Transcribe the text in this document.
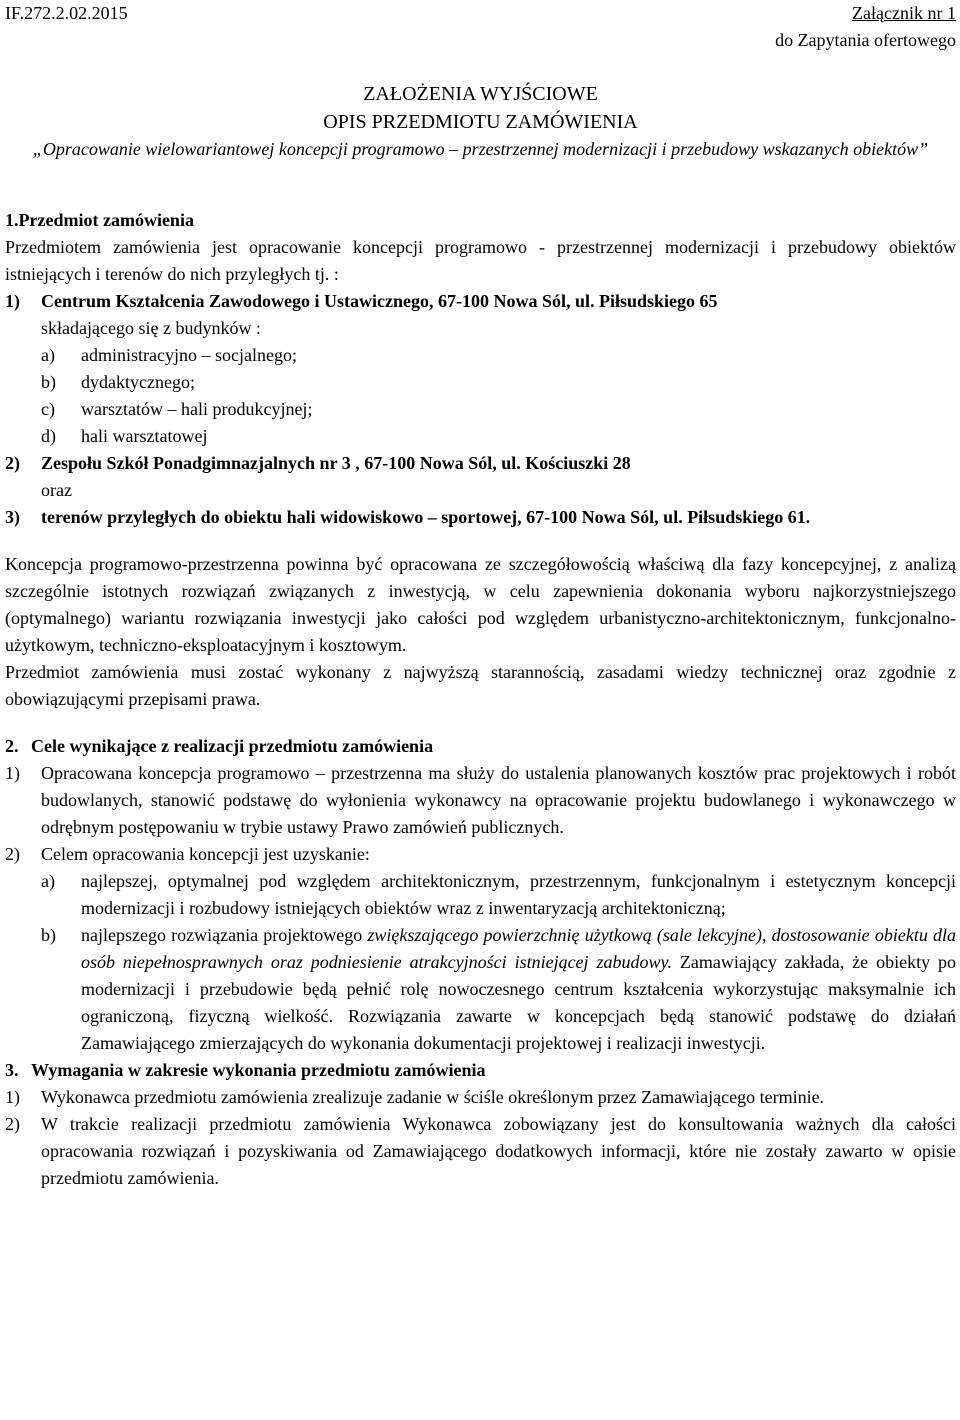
IF.272.2.02.2015	Załącznik nr 1
do Zapytania ofertowego
ZAŁOŻENIA WYJŚCIOWE
OPIS PRZEDMIOTU ZAMÓWIENIA
„Opracowanie wielowariantowej koncepcji programowo – przestrzennej modernizacji i przebudowy wskazanych obiektów”
1.Przedmiot zamówienia
Przedmiotem zamówienia jest opracowanie koncepcji programowo - przestrzennej modernizacji i przebudowy obiektów istniejących i terenów do nich przyległych tj. :
1)	Centrum Kształcenia Zawodowego i Ustawicznego, 67-100 Nowa Sól, ul. Piłsudskiego 65
składającego się z budynków :
a)	administracyjno – socjalnego;
b)	dydaktycznego;
c)	warsztatów – hali produkcyjnej;
d)	hali warsztatowej
2)	Zespołu Szkół Ponadgimnazjalnych nr 3 , 67-100 Nowa Sól, ul. Kościuszki 28
oraz
3)	terenów przyległych do obiektu hali widowiskowo – sportowej, 67-100 Nowa Sól, ul. Piłsudskiego 61.
Koncepcja programowo-przestrzenna powinna być opracowana ze szczegółowością właściwą dla fazy koncepcyjnej, z analizą szczególnie istotnych rozwiązań związanych z inwestycją, w celu zapewnienia dokonania wyboru najkorzystniejszego (optymalnego) wariantu rozwiązania inwestycji jako całości pod względem urbanistyczno-architektonicznym, funkcjonalno-użytkowym, techniczno-eksploatacyjnym i kosztowym.
Przedmiot zamówienia musi zostać wykonany z najwyższą starannością, zasadami wiedzy technicznej oraz zgodnie z obowiązującymi przepisami prawa.
2. Cele wynikające z realizacji przedmiotu zamówienia
1)	Opracowana koncepcja programowo – przestrzenna ma służy do ustalenia planowanych kosztów prac projektowych i robót budowlanych, stanowić podstawę do wyłonienia wykonawcy na opracowanie projektu budowlanego i wykonawczego w odrębnym postępowaniu w trybie ustawy Prawo zamówień publicznych.
2)	Celem opracowania koncepcji jest uzyskanie:
a)	najlepszej, optymalnej pod względem architektonicznym, przestrzennym, funkcjonalnym i estetycznym koncepcji modernizacji i rozbudowy istniejących obiektów wraz z inwentaryzacją architektoniczną;
b)	najlepszego rozwiązania projektowego zwiększającego powierzchnię użytkową (sale lekcyjne), dostosowanie obiektu dla osób niepełnosprawnych oraz podniesienie atrakcyjności istniejącej zabudowy. Zamawiający zakłada, że obiekty po modernizacji i przebudowie będą pełnić rolę nowoczesnego centrum kształcenia wykorzystując maksymalnie ich ograniczoną, fizyczną wielkość. Rozwiązania zawarte w koncepcjach będą stanowić podstawę do działań Zamawiającego zmierzających do wykonania dokumentacji projektowej i realizacji inwestycji.
3. Wymagania w zakresie wykonania przedmiotu zamówienia
1)	Wykonawca przedmiotu zamówienia zrealizuje zadanie w ściśle określonym przez Zamawiającego terminie.
2)	W trakcie realizacji przedmiotu zamówienia Wykonawca zobowiązany jest do konsultowania ważnych dla całości opracowania rozwiązań i pozyskiwania od Zamawiającego dodatkowych informacji, które nie zostały zawarto w opisie przedmiotu zamówienia.
